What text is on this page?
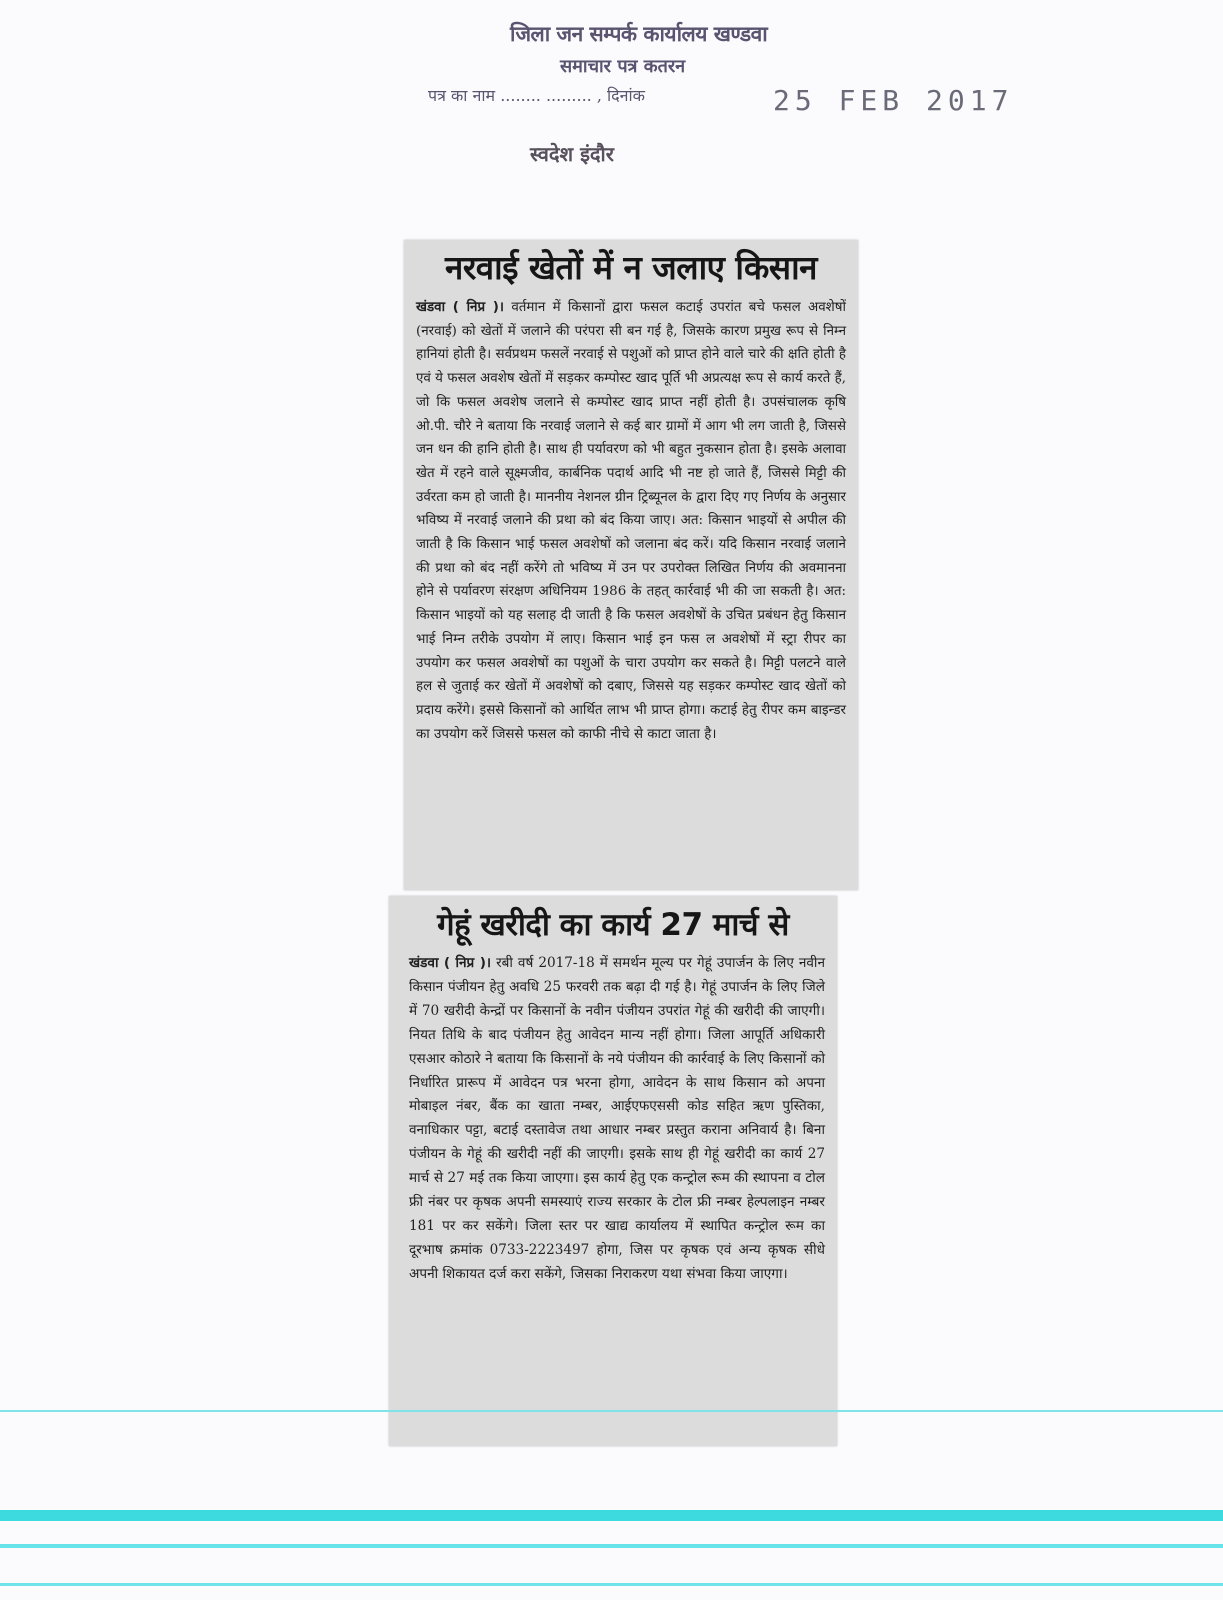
जिला जन सम्पर्क कार्यालय खण्डवा
समाचार पत्र कतरन
पत्र का नाम ........ ......... , दिनांक	25 FEB 2017
स्वदेश इंदौर
नरवाई खेतों में न जलाए किसान

खंडवा ( निप्र )। वर्तमान में किसानों द्वारा फसल कटाई उपरांत बचे फसल अवशेषों (नरवाई) को खेतों में जलाने की परंपरा सी बन गई है, जिसके कारण प्रमुख रूप से निम्न हानियां होती है। सर्वप्रथम फसलें नरवाई से पशुओं को प्राप्त होने वाले चारे की क्षति होती है एवं ये फसल अवशेष खेतों में सड़कर कम्पोस्ट खाद पूर्ति भी अप्रत्यक्ष रूप से कार्य करते हैं, जो कि फसल अवशेष जलाने से कम्पोस्ट खाद प्राप्त नहीं होती है। उपसंचालक कृषि ओ.पी. चौरे ने बताया कि नरवाई जलाने से कई बार ग्रामों में आग भी लग जाती है, जिससे जन धन की हानि होती है। साथ ही पर्यावरण को भी बहुत नुकसान होता है। इसके अलावा खेत में रहने वाले सूक्ष्मजीव, कार्बनिक पदार्थ आदि भी नष्ट हो जाते हैं, जिससे मिट्टी की उर्वरता कम हो जाती है। माननीय नेशनल ग्रीन ट्रिब्यूनल के द्वारा दिए गए निर्णय के अनुसार भविष्य में नरवाई जलाने की प्रथा को बंद किया जाए। अत: किसान भाइयों से अपील की जाती है कि किसान भाई फसल अवशेषों को जलाना बंद करें। यदि किसान नरवाई जलाने की प्रथा को बंद नहीं करेंगे तो भविष्य में उन पर उपरोक्त लिखित निर्णय की अवमानना होने से पर्यावरण संरक्षण अधिनियम 1986 के तहत् कार्रवाई भी की जा सकती है। अत: किसान भाइयों को यह सलाह दी जाती है कि फसल अवशेषों के उचित प्रबंधन हेतु किसान भाई निम्न तरीके उपयोग में लाए। किसान भाई इन फस ल अवशेषों में स्ट्रा रीपर का उपयोग कर फसल अवशेषों का पशुओं के चारा उपयोग कर सकते है। मिट्टी पलटने वाले हल से जुताई कर खेतों में अवशेषों को दबाए, जिससे यह सड़कर कम्पोस्ट खाद खेतों को प्रदाय करेंगे। इससे किसानों को आर्थित लाभ भी प्राप्त होगा। कटाई हेतु रीपर कम बाइन्डर का उपयोग करें जिससे फसल को काफी नीचे से काटा जाता है।

गेहूं खरीदी का कार्य 27 मार्च से

खंडवा ( निप्र )। रबी वर्ष 2017-18 में समर्थन मूल्य पर गेहूं उपार्जन के लिए नवीन किसान पंजीयन हेतु अवधि 25 फरवरी तक बढ़ा दी गई है। गेहूं उपार्जन के लिए जिले में 70 खरीदी केन्द्रों पर किसानों के नवीन पंजीयन उपरांत गेहूं की खरीदी की जाएगी। नियत तिथि के बाद पंजीयन हेतु आवेदन मान्य नहीं होगा। जिला आपूर्ति अधिकारी एसआर कोठारे ने बताया कि किसानों के नये पंजीयन की कार्रवाई के लिए किसानों को निर्धारित प्रारूप में आवेदन पत्र भरना होगा, आवेदन के साथ किसान को अपना मोबाइल नंबर, बैंक का खाता नम्बर, आईएफएससी कोड सहित ऋण पुस्तिका, वनाधिकार पट्टा, बटाई दस्तावेज तथा आधार नम्बर प्रस्तुत कराना अनिवार्य है। बिना पंजीयन के गेहूं की खरीदी नहीं की जाएगी। इसके साथ ही गेहूं खरीदी का कार्य 27 मार्च से 27 मई तक किया जाएगा। इस कार्य हेतु एक कन्ट्रोल रूम की स्थापना व टोल फ्री नंबर पर कृषक अपनी समस्याएं राज्य सरकार के टोल फ्री नम्बर हेल्पलाइन नम्बर 181 पर कर सकेंगे। जिला स्तर पर खाद्य कार्यालय में स्थापित कन्ट्रोल रूम का दूरभाष क्रमांक 0733-2223497 होगा, जिस पर कृषक एवं अन्य कृषक सीधे अपनी शिकायत दर्ज करा सकेंगे, जिसका निराकरण यथा संभवा किया जाएगा।
